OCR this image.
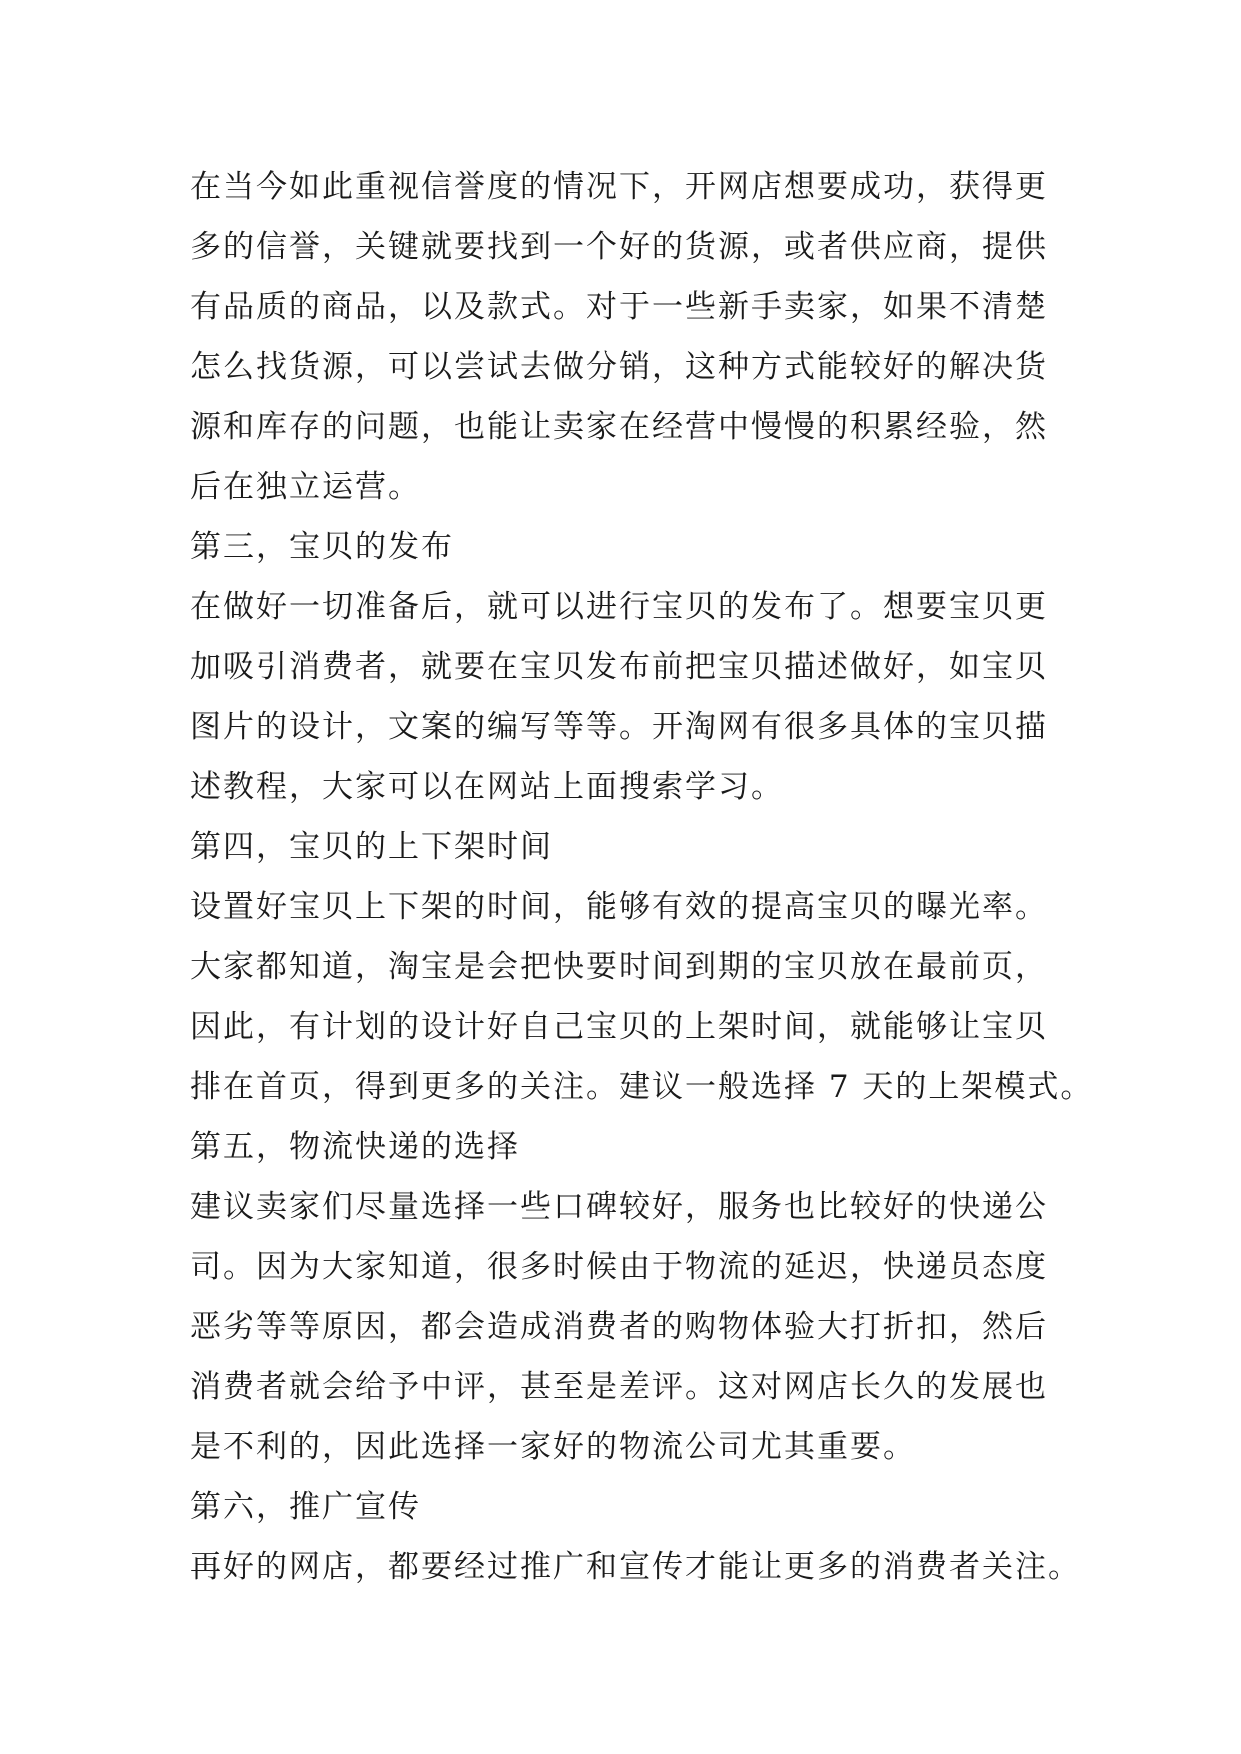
在当今如此重视信誉度的情况下，开网店想要成功，获得更
多的信誉，关键就要找到一个好的货源，或者供应商，提供
有品质的商品，以及款式。对于一些新手卖家，如果不清楚
怎么找货源，可以尝试去做分销，这种方式能较好的解决货
源和库存的问题，也能让卖家在经营中慢慢的积累经验，然
后在独立运营。
第三，宝贝的发布
在做好一切准备后，就可以进行宝贝的发布了。想要宝贝更
加吸引消费者，就要在宝贝发布前把宝贝描述做好，如宝贝
图片的设计，文案的编写等等。开淘网有很多具体的宝贝描
述教程，大家可以在网站上面搜索学习。
第四，宝贝的上下架时间
设置好宝贝上下架的时间，能够有效的提高宝贝的曝光率。
大家都知道，淘宝是会把快要时间到期的宝贝放在最前页，
因此，有计划的设计好自己宝贝的上架时间，就能够让宝贝
排在首页，得到更多的关注。建议一般选择 7 天的上架模式。
第五，物流快递的选择
建议卖家们尽量选择一些口碑较好，服务也比较好的快递公
司。因为大家知道，很多时候由于物流的延迟，快递员态度
恶劣等等原因，都会造成消费者的购物体验大打折扣，然后
消费者就会给予中评，甚至是差评。这对网店长久的发展也
是不利的，因此选择一家好的物流公司尤其重要。
第六，推广宣传
再好的网店，都要经过推广和宣传才能让更多的消费者关注。
